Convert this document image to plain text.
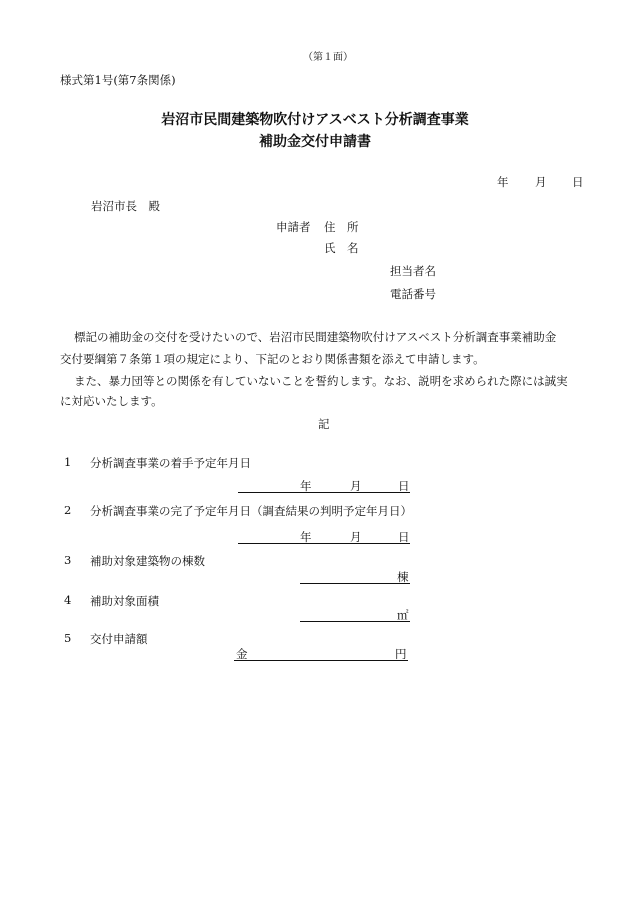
（第１面）
様式第1号(第7条関係)
岩沼市民間建築物吹付けアスベスト分析調査事業
補助金交付申請書
年 月 日
岩沼市長　殿
申請者 住　所
氏　名
担当者名
電話番号
標記の補助金の交付を受けたいので、岩沼市民間建築物吹付けアスベスト分析調査事業補助金
交付要綱第７条第１項の規定により、下記のとおり関係書類を添えて申請します。
また、暴力団等との関係を有していないことを誓約します。なお、説明を求められた際には誠実
に対応いたします。
記
1 分析調査事業の着手予定年月日
年	月	日
2 分析調査事業の完了予定年月日（調査結果の判明予定年月日）
年	月	日
3 補助対象建築物の棟数
棟
4 補助対象面積
㎡
5 交付申請額
金	円
